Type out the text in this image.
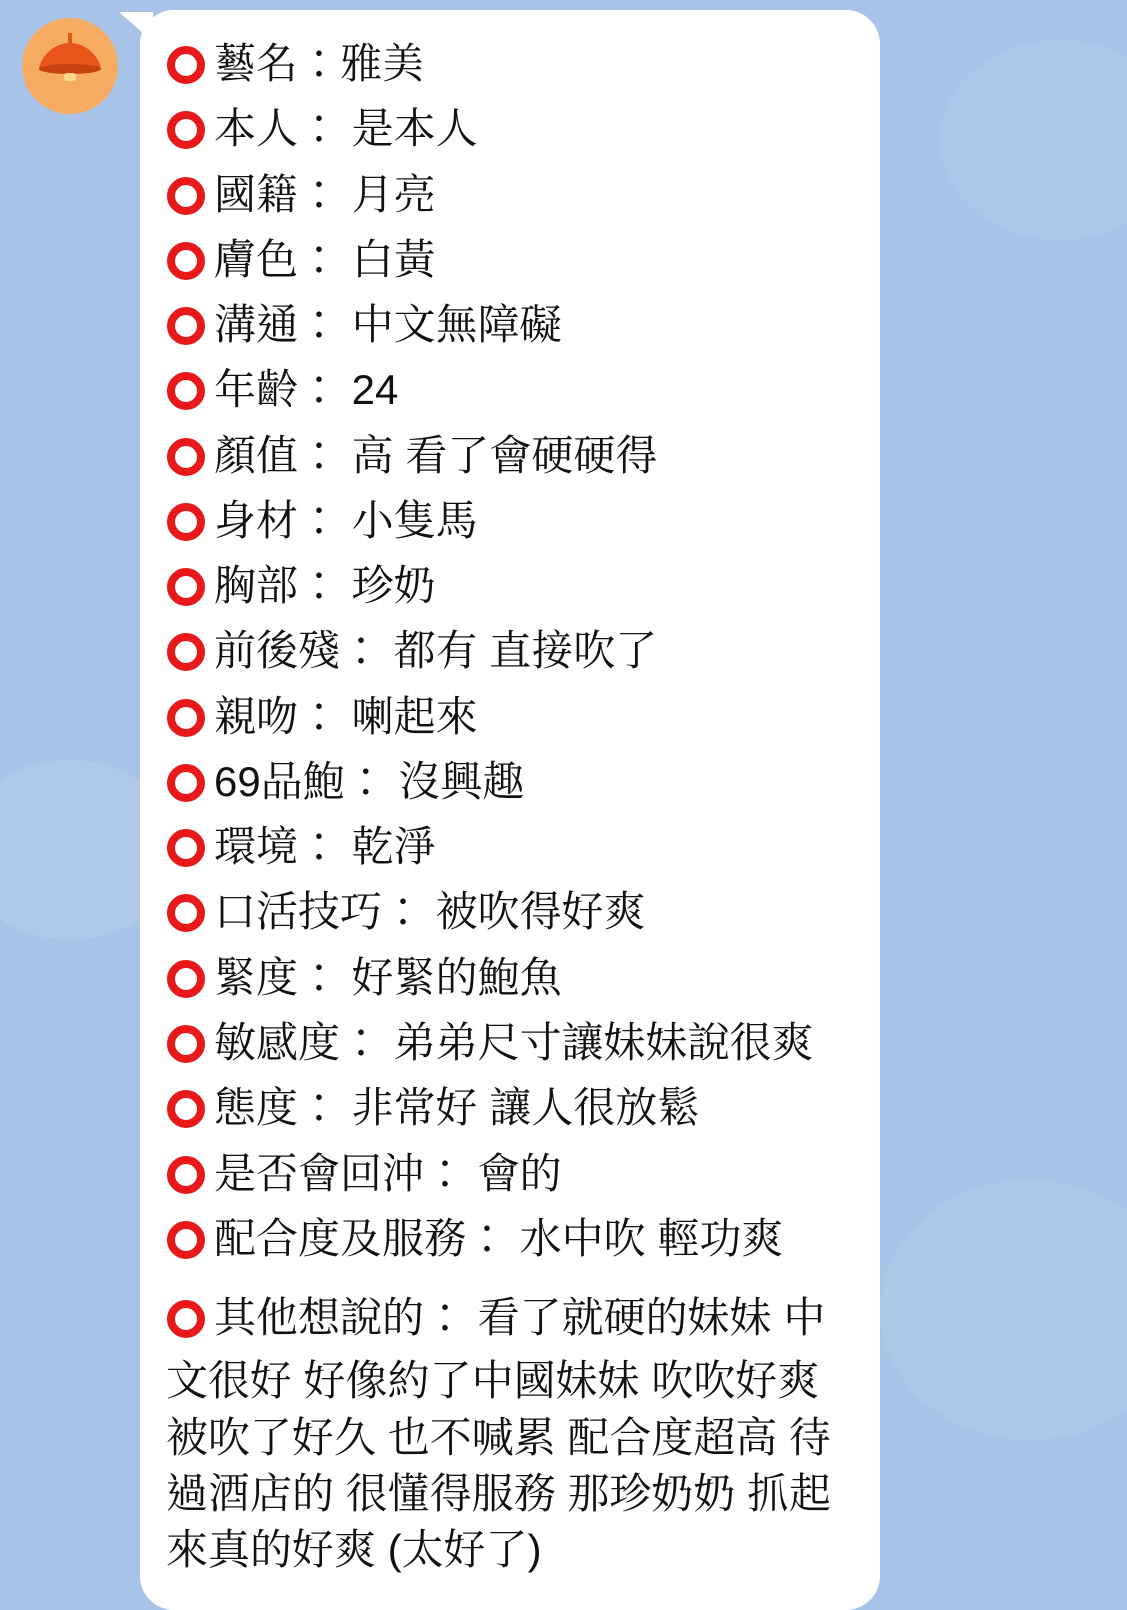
藝名：雅美

本人： 是本人

國籍： 月亮

膚色： 白黃

溝通： 中文無障礙

年齡： 24

顏值： 高 看了會硬硬得

身材： 小隻馬

胸部： 珍奶

前後殘： 都有 直接吹了

親吻： 喇起來

69品鮑： 沒興趣

環境： 乾淨

口活技巧： 被吹得好爽

緊度： 好緊的鮑魚

敏感度： 弟弟尺寸讓妹妹說很爽

態度： 非常好 讓人很放鬆

是否會回沖： 會的

配合度及服務： 水中吹 輕功爽

其他想說的： 看了就硬的妹妹 中文很好 好像約了中國妹妹 吹吹好爽 被吹了好久 也不喊累 配合度超高 待過酒店的 很懂得服務 那珍奶奶 抓起來真的好爽 (太好了)
